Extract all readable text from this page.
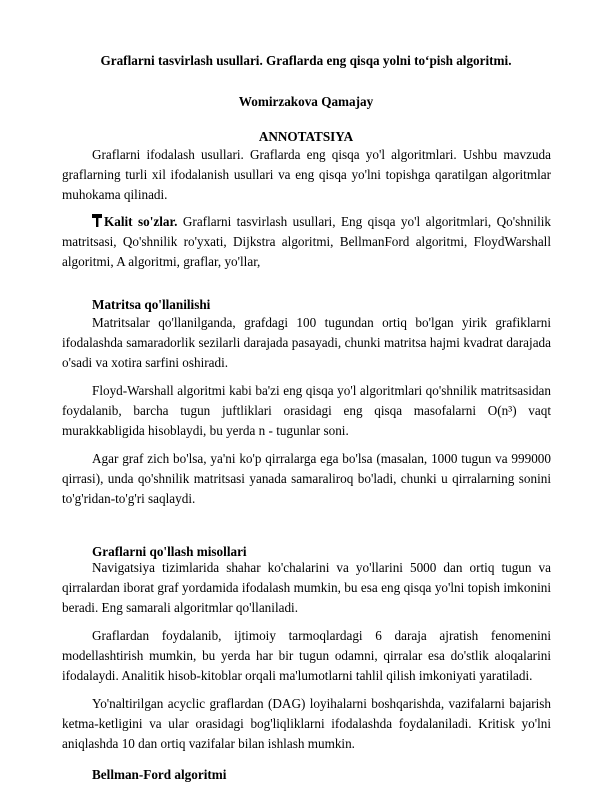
Graflarni tasvirlash usullari. Graflarda eng qisqa yolni to‘pish algoritmi.
Womirzakova Qamajay
ANNOTATSIYA

Graflarni ifodalash usullari. Graflarda eng qisqa yo'l algoritmlari. Ushbu mavzuda graflarning turli xil ifodalanish usullari va eng qisqa yo'lni topishga qaratilgan algoritmlar muhokama qilinadi.

Kalit so'zlar. Graflarni tasvirlash usullari, Eng qisqa yo'l algoritmlari, Qo'shnilik matritsasi, Qo'shnilik ro'yxati, Dijkstra algoritmi, BellmanFord algoritmi, FloydWarshall algoritmi, A algoritmi, graflar, yo'llar,

Matritsa qo'llanilishi

Matritsalar qo'llanilganda, grafdagi 100 tugundan ortiq bo'lgan yirik grafiklarni ifodalashda samaradorlik sezilarli darajada pasayadi, chunki matritsa hajmi kvadrat darajada o'sadi va xotira sarfini oshiradi.

Floyd-Warshall algoritmi kabi ba'zi eng qisqa yo'l algoritmlari qo'shnilik matritsasidan foydalanib, barcha tugun juftliklari orasidagi eng qisqa masofalarni O(n³) vaqt murakkabligida hisoblaydi, bu yerda n - tugunlar soni.

Agar graf zich bo'lsa, ya'ni ko'p qirralarga ega bo'lsa (masalan, 1000 tugun va 999000 qirrasi), unda qo'shnilik matritsasi yanada samaraliroq bo'ladi, chunki u qirralarning sonini to'g'ridan-to'g'ri saqlaydi.

Graflarni qo'llash misollari

Navigatsiya tizimlarida shahar ko'chalarini va yo'llarini 5000 dan ortiq tugun va qirralardan iborat graf yordamida ifodalash mumkin, bu esa eng qisqa yo'lni topish imkonini beradi. Eng samarali algoritmlar qo'llaniladi.

Graflardan foydalanib, ijtimoiy tarmoqlardagi 6 daraja ajratish fenomenini modellashtirish mumkin, bu yerda har bir tugun odamni, qirralar esa do'stlik aloqalarini ifodalaydi. Analitik hisob-kitoblar orqali ma'lumotlarni tahlil qilish imkoniyati yaratiladi.

Yo'naltirilgan acyclic graflardan (DAG) loyihalarni boshqarishda, vazifalarni bajarish ketma-ketligini va ular orasidagi bog'liqliklarni ifodalashda foydalaniladi. Kritisk yo'lni aniqlashda 10 dan ortiq vazifalar bilan ishlash mumkin.

Bellman-Ford algoritmi
